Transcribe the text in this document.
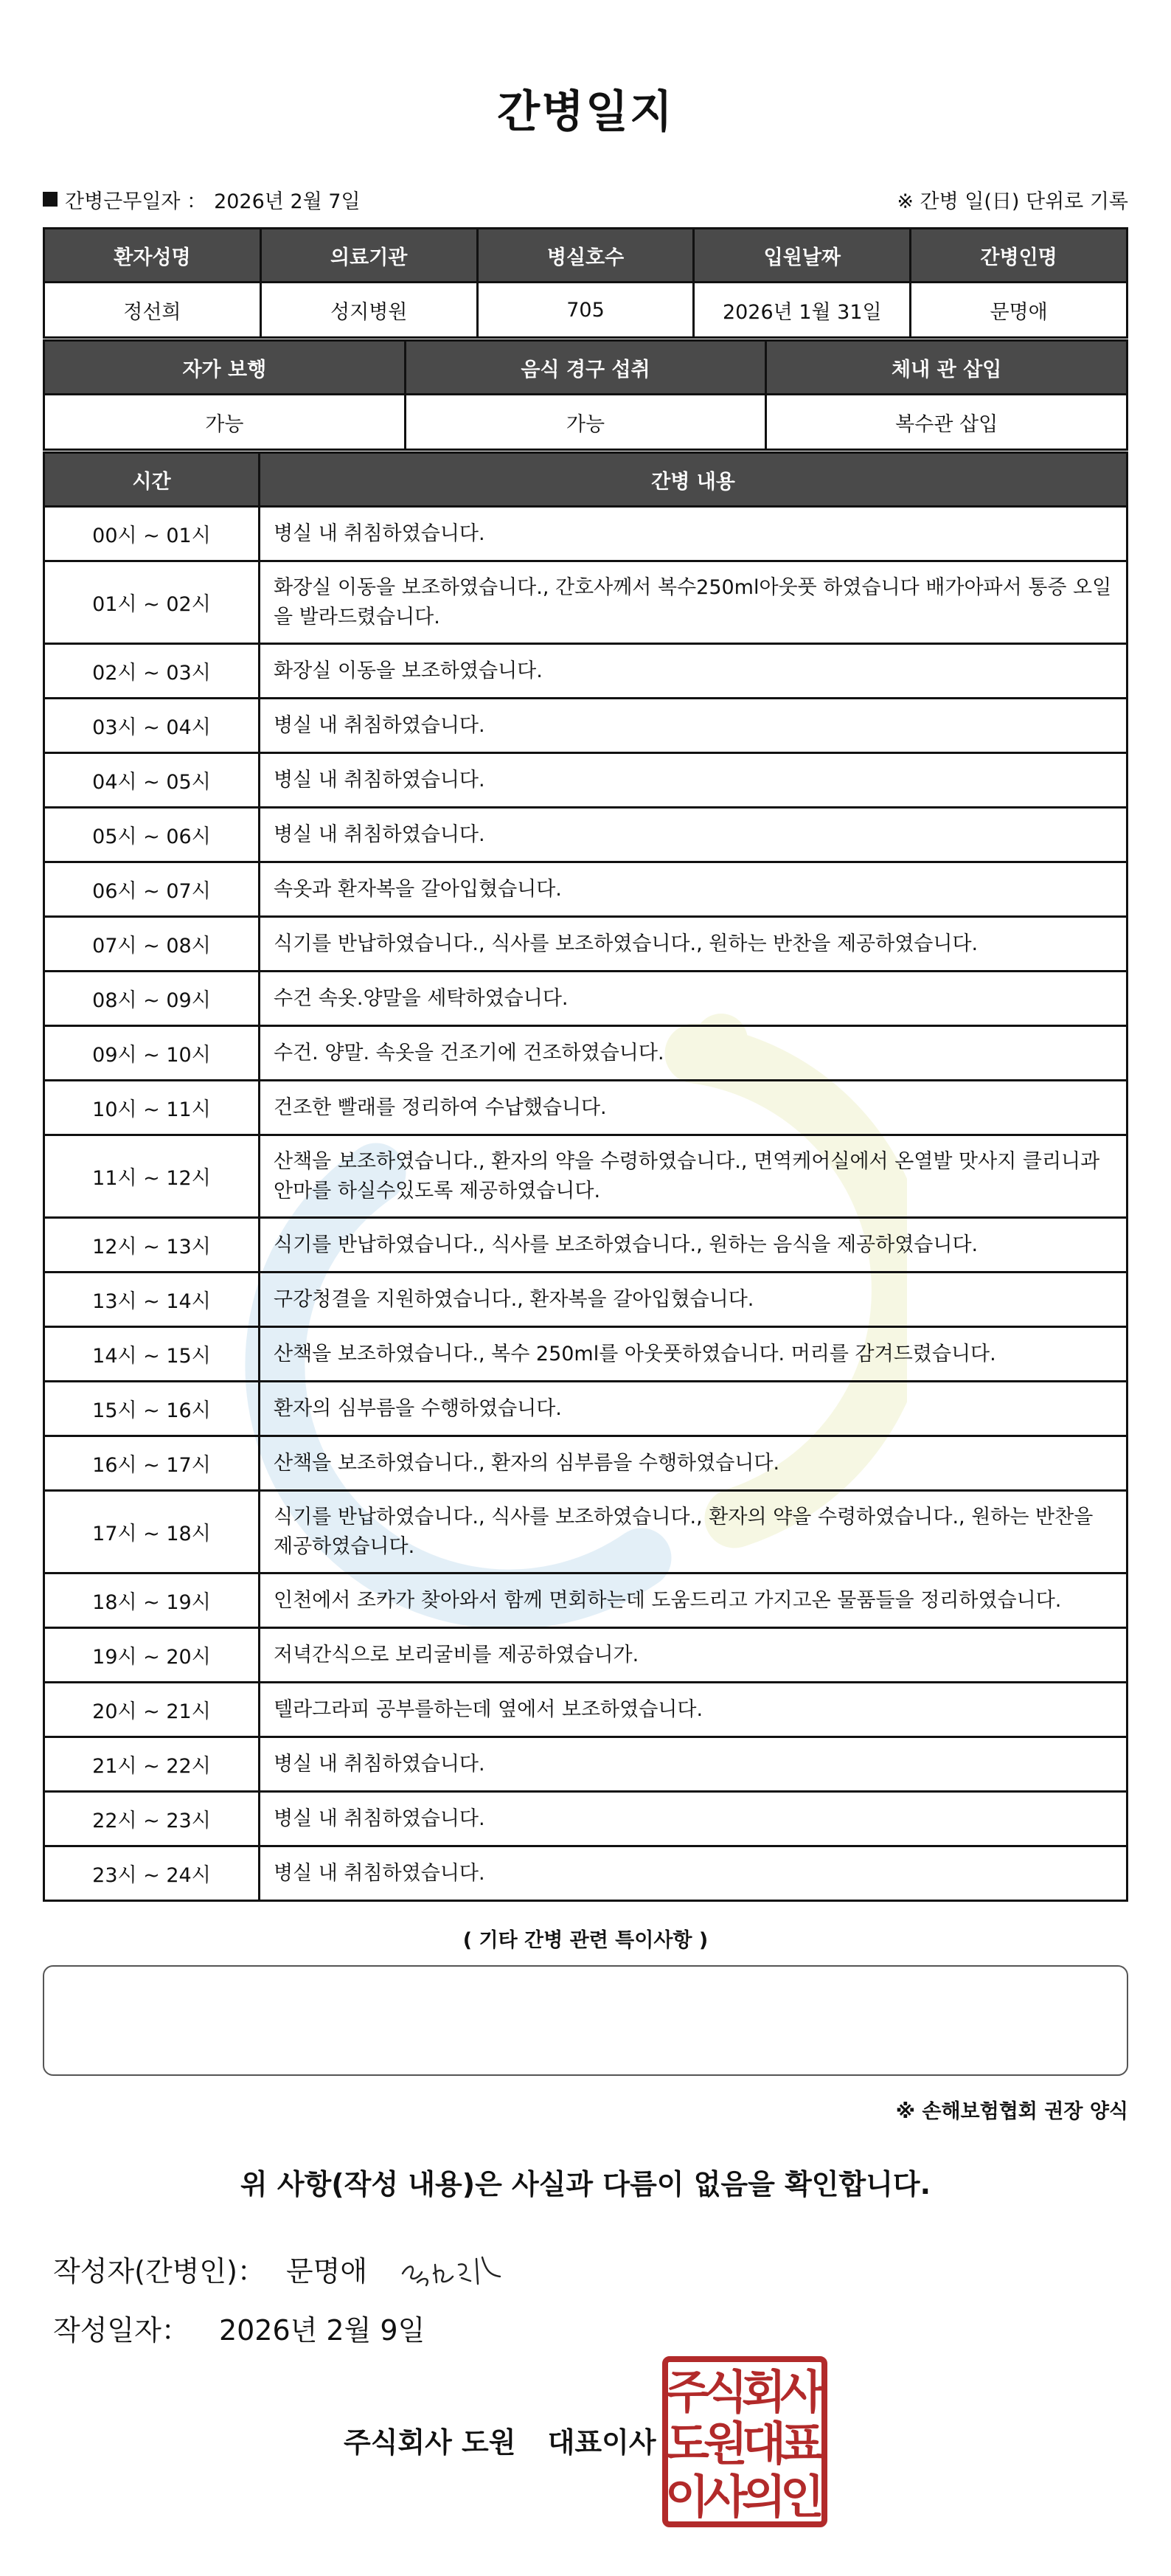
간병일지
간병근무일자 ： 2026년 2월 7일	※ 간병 일(日) 단위로 기록
환자성명	의료기관	병실호수	입원날짜	간병인명
정선희	성지병원	705	2026년 1월 31일	문명애
자가 보행	음식 경구 섭취	체내 관 삽입
가능	가능	복수관 삽입
시간	간병 내용
00시 ~ 01시	병실 내 취침하였습니다.
01시 ~ 02시	화장실 이동을 보조하였습니다., 간호사께서 복수250ml아웃풋 하였습니다 배가아파서 통증 오일을 발라드렸습니다.
02시 ~ 03시	화장실 이동을 보조하였습니다.
03시 ~ 04시	병실 내 취침하였습니다.
04시 ~ 05시	병실 내 취침하였습니다.
05시 ~ 06시	병실 내 취침하였습니다.
06시 ~ 07시	속옷과 환자복을 갈아입혔습니다.
07시 ~ 08시	식기를 반납하였습니다., 식사를 보조하였습니다., 원하는 반찬을 제공하였습니다.
08시 ~ 09시	수건 속옷.양말을 세탁하였습니다.
09시 ~ 10시	수건. 양말. 속옷을 건조기에 건조하였습니다.
10시 ~ 11시	건조한 빨래를 정리하여 수납했습니다.
11시 ~ 12시	산책을 보조하였습니다., 환자의 약을 수령하였습니다., 면역케어실에서 온열발 맛사지 클리니과 안마를 하실수있도록 제공하였습니다.
12시 ~ 13시	식기를 반납하였습니다., 식사를 보조하였습니다., 원하는 음식을 제공하였습니다.
13시 ~ 14시	구강청결을 지원하였습니다., 환자복을 갈아입혔습니다.
14시 ~ 15시	산책을 보조하였습니다., 복수 250ml를 아웃풋하였습니다. 머리를 감겨드렸습니다.
15시 ~ 16시	환자의 심부름을 수행하였습니다.
16시 ~ 17시	산책을 보조하였습니다., 환자의 심부름을 수행하였습니다.
17시 ~ 18시	식기를 반납하였습니다., 식사를 보조하였습니다., 환자의 약을 수령하였습니다., 원하는 반찬을 제공하였습니다.
18시 ~ 19시	인천에서 조카가 찾아와서 함께 면회하는데 도움드리고 가지고온 물품들을 정리하였습니다.
19시 ~ 20시	저녁간식으로 보리굴비를 제공하였습니가.
20시 ~ 21시	텔라그라피 공부를하는데 옆에서 보조하였습니다.
21시 ~ 22시	병실 내 취침하였습니다.
22시 ~ 23시	병실 내 취침하였습니다.
23시 ~ 24시	병실 내 취침하였습니다.
( 기타 간병 관련 특이사항 )
※ 손해보험협회 권장 양식
위 사항(작성 내용)은 사실과 다름이 없음을 확인합니다.
작성자(간병인)： 문명애
작성일자： 2026년 2월 9일
주식회사 도원 대표이사
주
식
회
사
도
원
대
표
이
사
의
인
